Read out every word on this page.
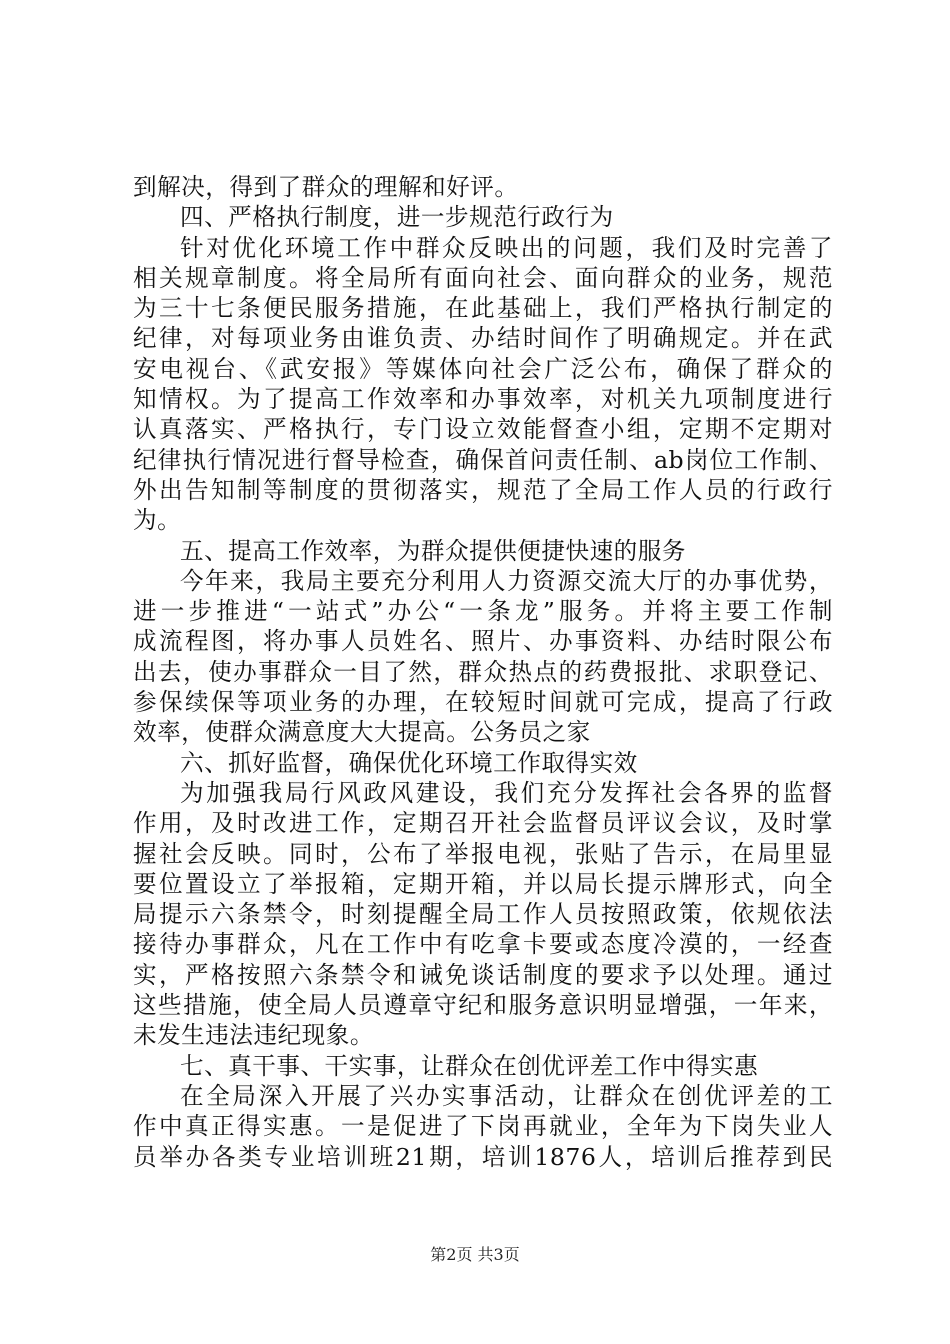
到解决，得到了群众的理解和好评。
四、严格执行制度，进一步规范行政行为
针对优化环境工作中群众反映出的问题，我们及时完善了
相关规章制度。将全局所有面向社会、面向群众的业务，规范
为三十七条便民服务措施，在此基础上，我们严格执行制定的
纪律，对每项业务由谁负责、办结时间作了明确规定。并在武
安电视台、《武安报》等媒体向社会广泛公布，确保了群众的
知情权。为了提高工作效率和办事效率，对机关九项制度进行
认真落实、严格执行，专门设立效能督查小组，定期不定期对
纪律执行情况进行督导检查，确保首问责任制、ab岗位工作制、
外出告知制等制度的贯彻落实，规范了全局工作人员的行政行
为。
五、提高工作效率，为群众提供便捷快速的服务
今年来，我局主要充分利用人力资源交流大厅的办事优势，
进一步推进“一站式”办公“一条龙”服务。并将主要工作制
成流程图，将办事人员姓名、照片、办事资料、办结时限公布
出去，使办事群众一目了然，群众热点的药费报批、求职登记、
参保续保等项业务的办理，在较短时间就可完成，提高了行政
效率，使群众满意度大大提高。公务员之家
六、抓好监督，确保优化环境工作取得实效
为加强我局行风政风建设，我们充分发挥社会各界的监督
作用，及时改进工作，定期召开社会监督员评议会议，及时掌
握社会反映。同时，公布了举报电视，张贴了告示，在局里显
要位置设立了举报箱，定期开箱，并以局长提示牌形式，向全
局提示六条禁令，时刻提醒全局工作人员按照政策，依规依法
接待办事群众，凡在工作中有吃拿卡要或态度冷漠的，一经查
实，严格按照六条禁令和诫免谈话制度的要求予以处理。通过
这些措施，使全局人员遵章守纪和服务意识明显增强，一年来，
未发生违法违纪现象。
七、真干事、干实事，让群众在创优评差工作中得实惠
在全局深入开展了兴办实事活动，让群众在创优评差的工
作中真正得实惠。一是促进了下岗再就业，全年为下岗失业人
员举办各类专业培训班21期，培训1876人，培训后推荐到民
第2页 共3页
